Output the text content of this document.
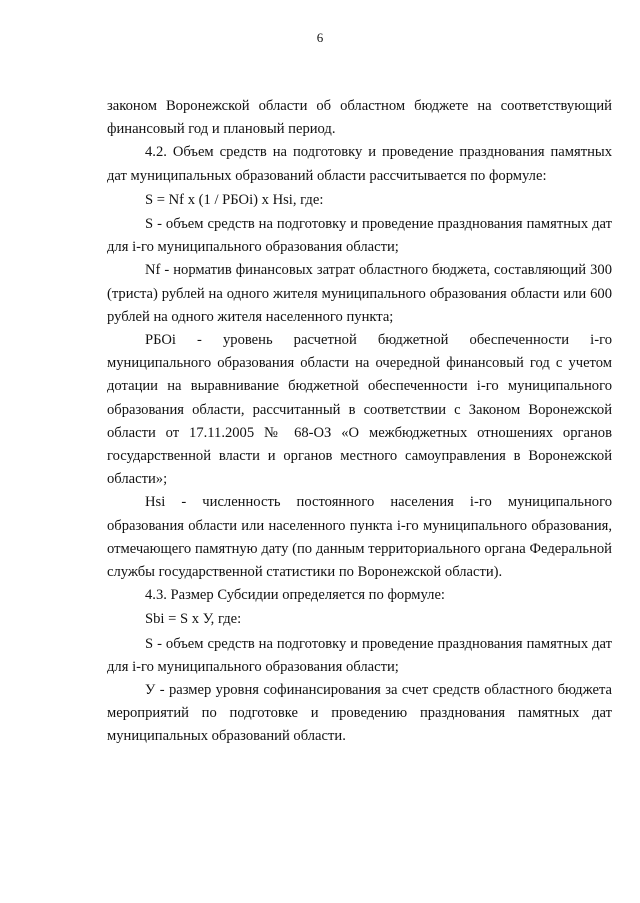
6

законом Воронежской области об областном бюджете на соответствующий финансовый год и плановый период.

4.2. Объем средств на подготовку и проведение празднования памятных дат муниципальных образований области рассчитывается по формуле:

S = Nf x (1 / РБОi) x Hsi, где:

S - объем средств на подготовку и проведение празднования памятных дат для i-го муниципального образования области;

Nf - норматив финансовых затрат областного бюджета, составляющий 300 (триста) рублей на одного жителя муниципального образования области или 600 рублей на одного жителя населенного пункта;

РБОi - уровень расчетной бюджетной обеспеченности i-го муниципального образования области на очередной финансовый год с учетом дотации на выравнивание бюджетной обеспеченности i-го муниципального образования области, рассчитанный в соответствии с Законом Воронежской области от 17.11.2005 № 68-ОЗ «О межбюджетных отношениях органов государственной власти и органов местного самоуправления в Воронежской области»;

Hsi - численность постоянного населения i-го муниципального образования области или населенного пункта i-го муниципального образования, отмечающего памятную дату (по данным территориального органа Федеральной службы государственной статистики по Воронежской области).

4.3. Размер Субсидии определяется по формуле:

Sbi = S х У, где:

S - объем средств на подготовку и проведение празднования памятных дат для i-го муниципального образования области;

У - размер уровня софинансирования за счет средств областного бюджета мероприятий по подготовке и проведению празднования памятных дат муниципальных образований области.
